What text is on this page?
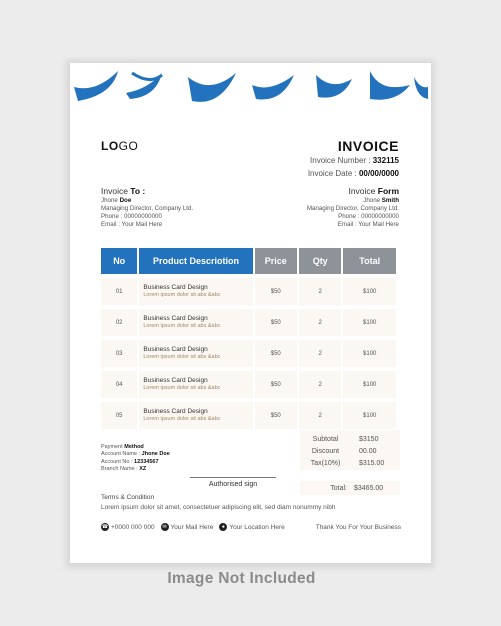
LOGO	INVOICE
Invoice Number : 332115
Invoice Date : 00/00/0000
Invoice To :
Jhone Doe
Managing Director, Company Ltd.
Phone : 00000000000
Email : Your Mail Here
Invoice Form
Jhone Smith
Managing Director, Company Ltd.
Phone : 00000000000
Email : Your Mail Here
No	Product Descriotion	Price	Qty	Total
01	Business Card Design
Lorem ipsum dolor sit abs &abc	$50	2	$100
02	Business Card Design
Lorem ipsum dolor sit abs &abc	$50	2	$100
03	Business Card Design
Lorem ipsum dolor sit abs &abc	$50	2	$100
04	Business Card Design
Lorem ipsum dolor sit abs &abc	$50	2	$100
05	Business Card Design
Lorem ipsum dolor sit abs &abc	$50	2	$100
Payment Method
Account Name : Jhone Doe
Account No : 12334567
Branch Name : XZ
Subtotal	$3150
Discount	00.00
Tax(10%)	$315.00
Authorised sign	Total:	$3465.00
Terms & Condition
Lorem ipsum dolor sit amet, consectetuer adipiscing elit, sed diam nonummy nibh
☎ +0000 000 000	✉ Your Mail Here	● Your Location Here	Thank You For Your Business
Image Not Included
